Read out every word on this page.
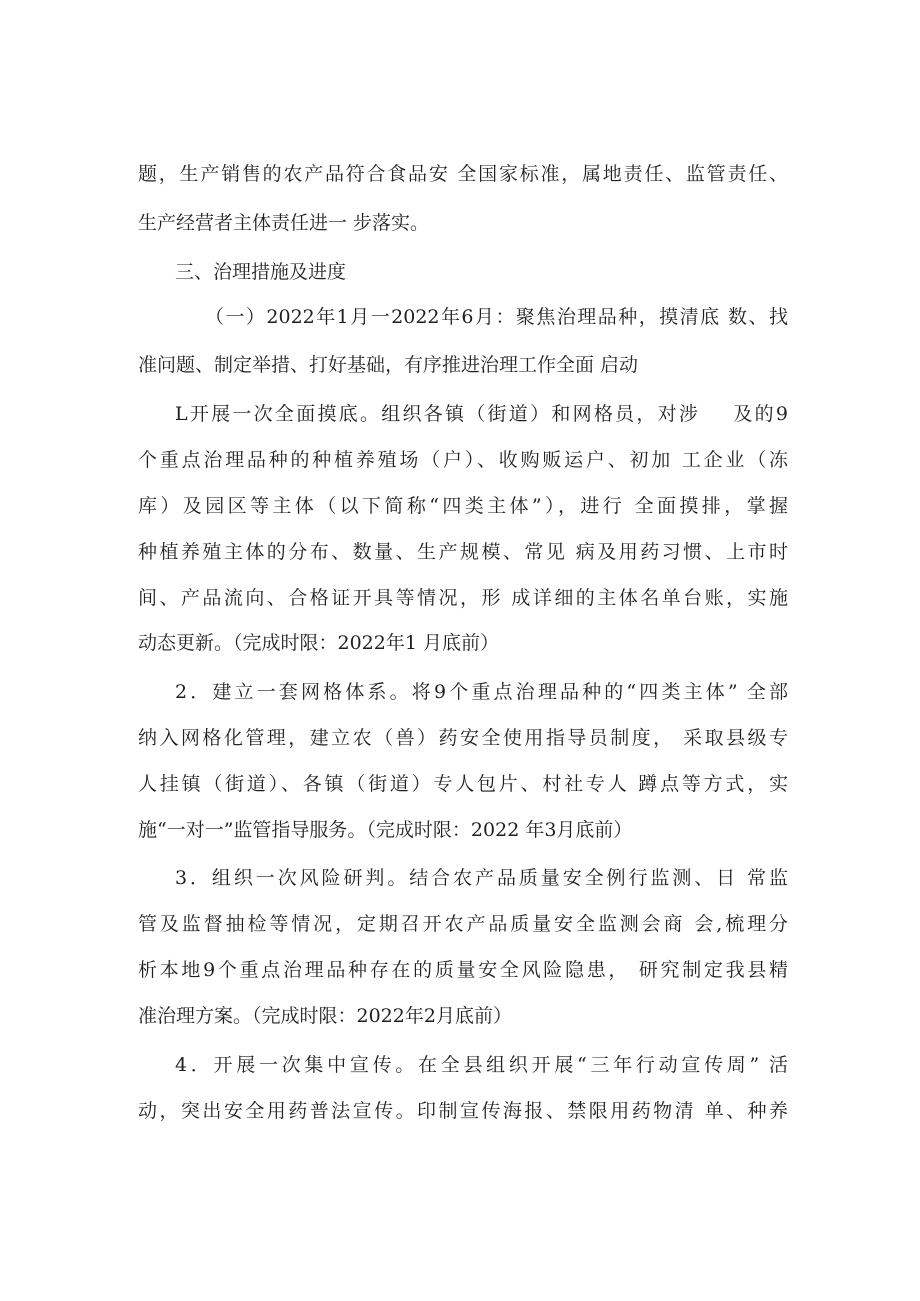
题，生产销售的农产品符合食品安 全国家标准，属地责任、监管责任、
生产经营者主体责任进一 步落实。
三、治理措施及进度
（一）2022年1月一2022年6月：聚焦治理品种，摸清底 数、找
准问题、制定举措、打好基础，有序推进治理工作全面 启动
L开展一次全面摸底。组织各镇（街道）和网格员，对涉    及的9
个重点治理品种的种植养殖场（户）、收购贩运户、初加 工企业（冻
库）及园区等主体（以下简称“四类主体”），进行 全面摸排，掌握
种植养殖主体的分布、数量、生产规模、常见 病及用药习惯、上市时
间、产品流向、合格证开具等情况，形 成详细的主体名单台账，实施
动态更新。（完成时限：2022年1 月底前）
2．建立一套网格体系。将9个重点治理品种的“四类主体” 全部
纳入网格化管理，建立农（兽）药安全使用指导员制度， 采取县级专
人挂镇（街道）、各镇（街道）专人包片、村社专人 蹲点等方式，实
施“一对一”监管指导服务。（完成时限：2022 年3月底前）
3．组织一次风险研判。结合农产品质量安全例行监测、日 常监
管及监督抽检等情况，定期召开农产品质量安全监测会商 会,梳理分
析本地9个重点治理品种存在的质量安全风险隐患， 研究制定我县精
准治理方案。（完成时限：2022年2月底前）
4．开展一次集中宣传。在全县组织开展“三年行动宣传周” 活
动，突出安全用药普法宣传。印制宣传海报、禁限用药物清 单、种养
